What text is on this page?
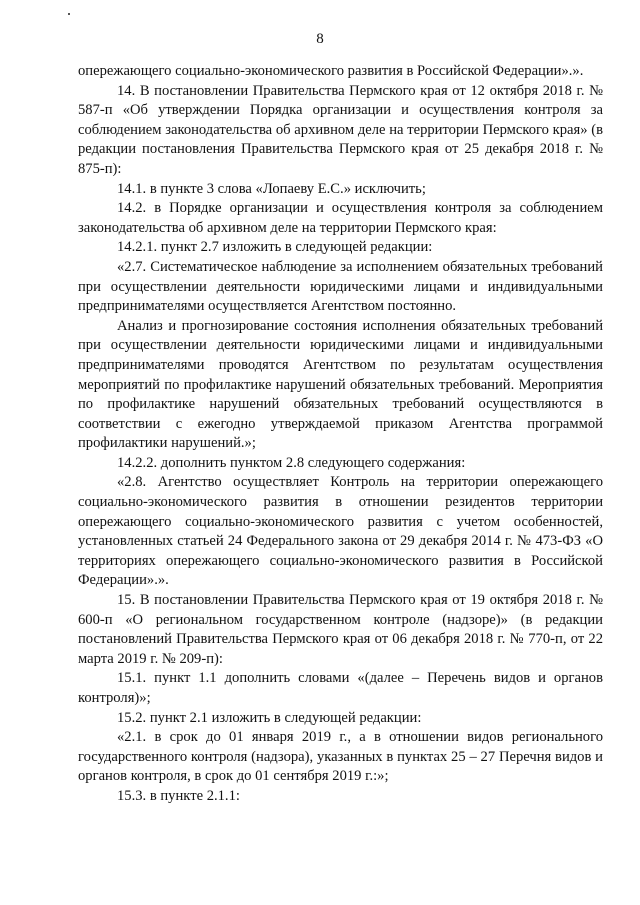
8

опережающего социально-экономического развития в Российской Федерации».».

14. В постановлении Правительства Пермского края от 12 октября 2018 г. № 587-п «Об утверждении Порядка организации и осуществления контроля за соблюдением законодательства об архивном деле на территории Пермского края» (в редакции постановления Правительства Пермского края от 25 декабря 2018 г. № 875-п):

14.1. в пункте 3 слова «Лопаеву Е.С.» исключить;

14.2. в Порядке организации и осуществления контроля за соблюдением законодательства об архивном деле на территории Пермского края:

14.2.1. пункт 2.7 изложить в следующей редакции:

«2.7. Систематическое наблюдение за исполнением обязательных требований при осуществлении деятельности юридическими лицами и индивидуальными предпринимателями осуществляется Агентством постоянно.

Анализ и прогнозирование состояния исполнения обязательных требований при осуществлении деятельности юридическими лицами и индивидуальными предпринимателями проводятся Агентством по результатам осуществления мероприятий по профилактике нарушений обязательных требований. Мероприятия по профилактике нарушений обязательных требований осуществляются в соответствии с ежегодно утверждаемой приказом Агентства программой профилактики нарушений.»;

14.2.2. дополнить пунктом 2.8 следующего содержания:

«2.8. Агентство осуществляет Контроль на территории опережающего социально-экономического развития в отношении резидентов территории опережающего социально-экономического развития с учетом особенностей, установленных статьей 24 Федерального закона от 29 декабря 2014 г. № 473-ФЗ «О территориях опережающего социально-экономического развития в Российской Федерации».».

15. В постановлении Правительства Пермского края от 19 октября 2018 г. № 600-п «О региональном государственном контроле (надзоре)» (в редакции постановлений Правительства Пермского края от 06 декабря 2018 г. № 770-п, от 22 марта 2019 г. № 209-п):

15.1. пункт 1.1 дополнить словами «(далее – Перечень видов и органов контроля)»;

15.2. пункт 2.1 изложить в следующей редакции:

«2.1. в срок до 01 января 2019 г., а в отношении видов регионального государственного контроля (надзора), указанных в пунктах 25 – 27 Перечня видов и органов контроля, в срок до 01 сентября 2019 г.:»;

15.3. в пункте 2.1.1:
